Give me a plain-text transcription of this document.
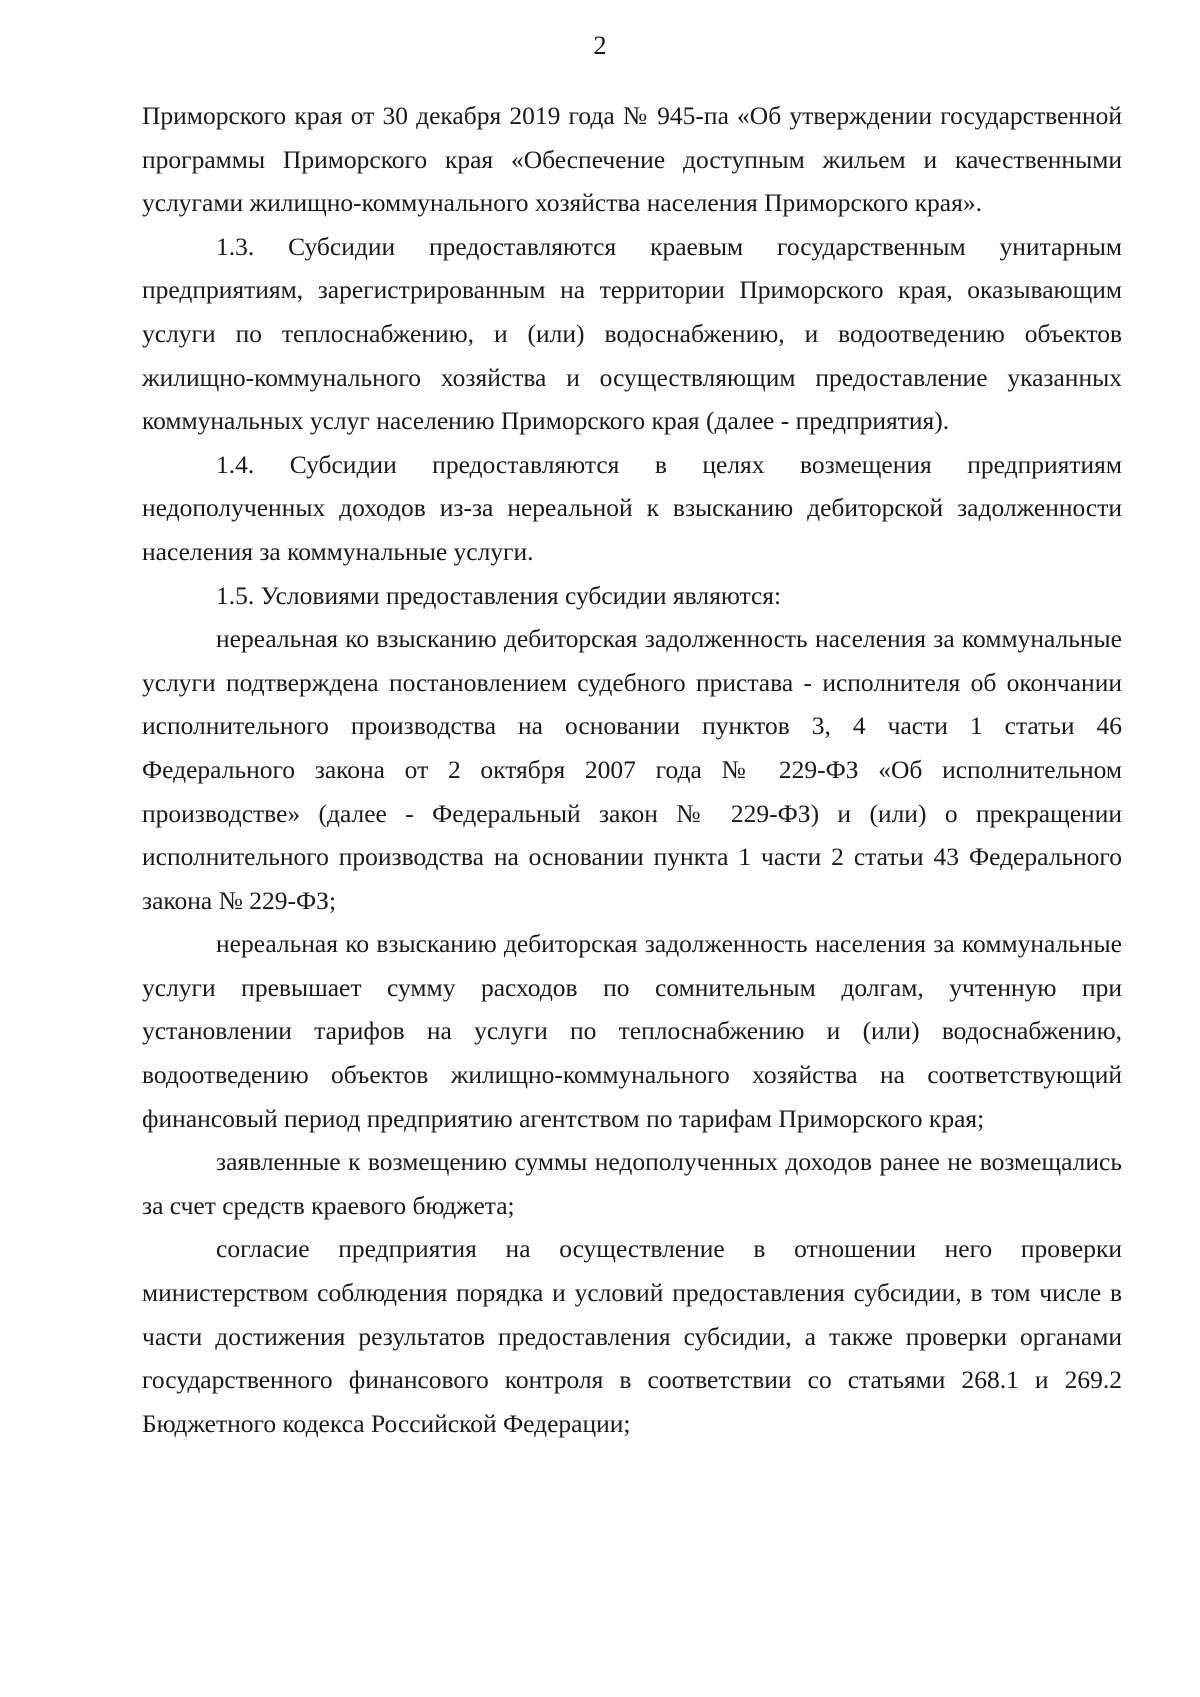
2

Приморского края от 30 декабря 2019 года № 945-па «Об утверждении государственной программы Приморского края «Обеспечение доступным жильем и качественными услугами жилищно-коммунального хозяйства населения Приморского края».

1.3. Субсидии предоставляются краевым государственным унитарным предприятиям, зарегистрированным на территории Приморского края, оказывающим услуги по теплоснабжению, и (или) водоснабжению, и водоотведению объектов жилищно-коммунального хозяйства и осуществляющим предоставление указанных коммунальных услуг населению Приморского края (далее - предприятия).

1.4. Субсидии предоставляются в целях возмещения предприятиям недополученных доходов из-за нереальной к взысканию дебиторской задолженности населения за коммунальные услуги.

1.5. Условиями предоставления субсидии являются:

нереальная ко взысканию дебиторская задолженность населения за коммунальные услуги подтверждена постановлением судебного пристава - исполнителя об окончании исполнительного производства на основании пунктов 3, 4 части 1 статьи 46 Федерального закона от 2 октября 2007 года № 229-ФЗ «Об исполнительном производстве» (далее - Федеральный закон № 229-ФЗ) и (или) о прекращении исполнительного производства на основании пункта 1 части 2 статьи 43 Федерального закона № 229-ФЗ;

нереальная ко взысканию дебиторская задолженность населения за коммунальные услуги превышает сумму расходов по сомнительным долгам, учтенную при установлении тарифов на услуги по теплоснабжению и (или) водоснабжению, водоотведению объектов жилищно-коммунального хозяйства на соответствующий финансовый период предприятию агентством по тарифам Приморского края;

заявленные к возмещению суммы недополученных доходов ранее не возмещались за счет средств краевого бюджета;

согласие предприятия на осуществление в отношении него проверки министерством соблюдения порядка и условий предоставления субсидии, в том числе в части достижения результатов предоставления субсидии, а также проверки органами государственного финансового контроля в соответствии со статьями 268.1 и 269.2 Бюджетного кодекса Российской Федерации;
